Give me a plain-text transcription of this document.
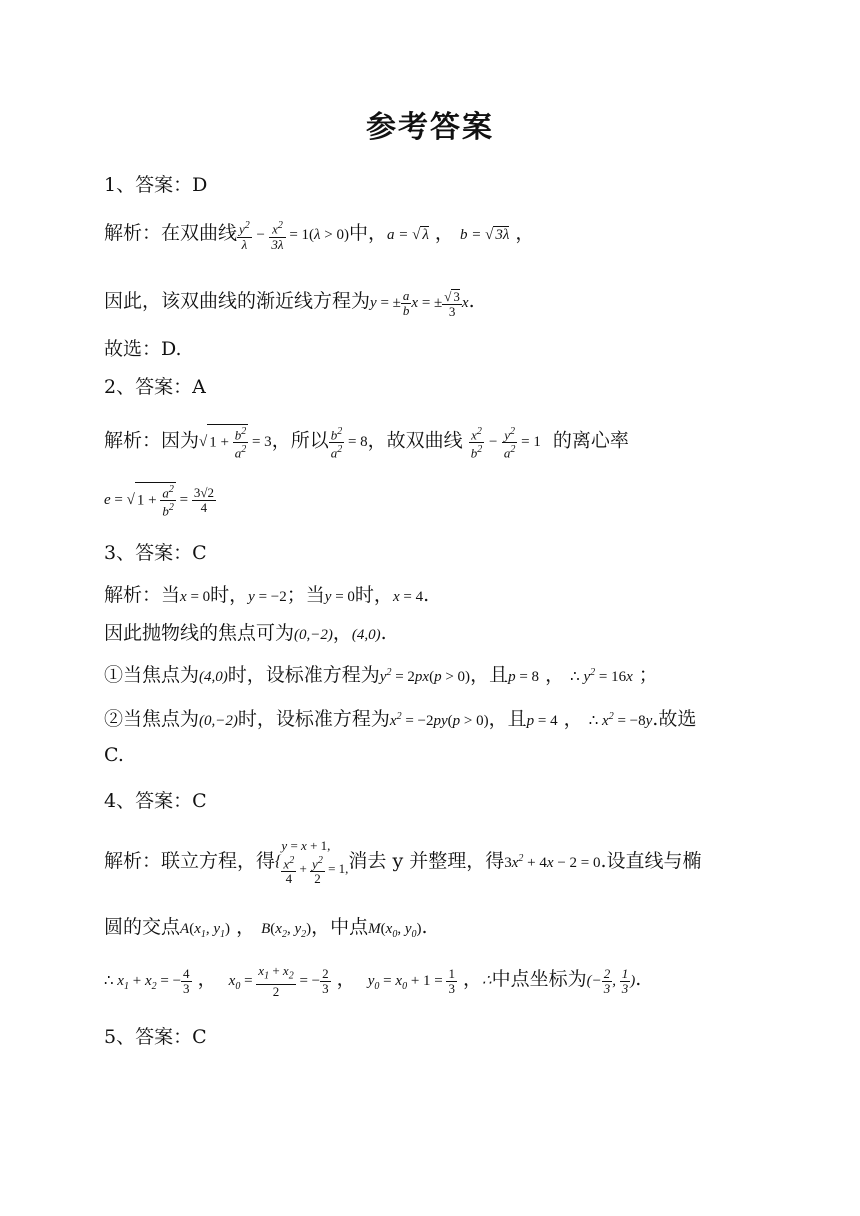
参考答案
1、答案：D
解析：在双曲线 $\frac{y^2}{\lambda} - \frac{x^2}{3\lambda} = 1(\lambda > 0)$中，a = √ λ ， b = √ 3λ ，
因此，该双曲线的渐近线方程为y = ± $\frac{a}{b}$ x = ± $\frac{√ 3}{3} x$.
故选：D.
2、答案：A
解析：因为√ $1 + \frac{b^2}{a^2} = 3$，所以 $\frac{b^2}{a^2} = 8$，故双曲线 $\frac{x^2}{b^2} - \frac{y^2}{a^2} = 1$ 的离心率
e = √ $1 + \frac{a^2}{b^2} = \frac{3√2}{4}$
3、答案：C
解析：当x = 0时，y = −2；当y = 0时，x = 4.
因此抛物线的焦点可为(0,−2)，(4,0).
①当焦点为(4,0)时，设标准方程为$y^2 = 2px(p > 0)$，且p = 8 ， ∴ $y^2 = 16x$ ；
②当焦点为(0,−2)时，设标准方程为$x^2 = -2py(p > 0)$，且p = 4 ， ∴ $x^2 = -8y$.故选
C.
4、答案：C
解析：联立方程，得{
y = x + 1,
$\frac{x^2}{4} + \frac{y^2}{2} = 1$, 消去 y 并整理，得$3x^2 + 4x - 2 = 0$.设直线与椭
圆的交点$A(x_1$, $y_1$) ， $B(x_2$, $y_2$)，中点$M(x_0$, $y_0$).
∴ $x_1 + x_2$ = − $\frac{4}{3}$ ，  $x_0 = \frac{x_1 + x_2}{2}$ = − $\frac{2}{3}$ ，  $y_0 = x_0 + 1 = \frac{1}{3}$ ，∴中点坐标为(− $\frac{2}{3}$ , $\frac{1}{3}$ ).
5、答案：C
